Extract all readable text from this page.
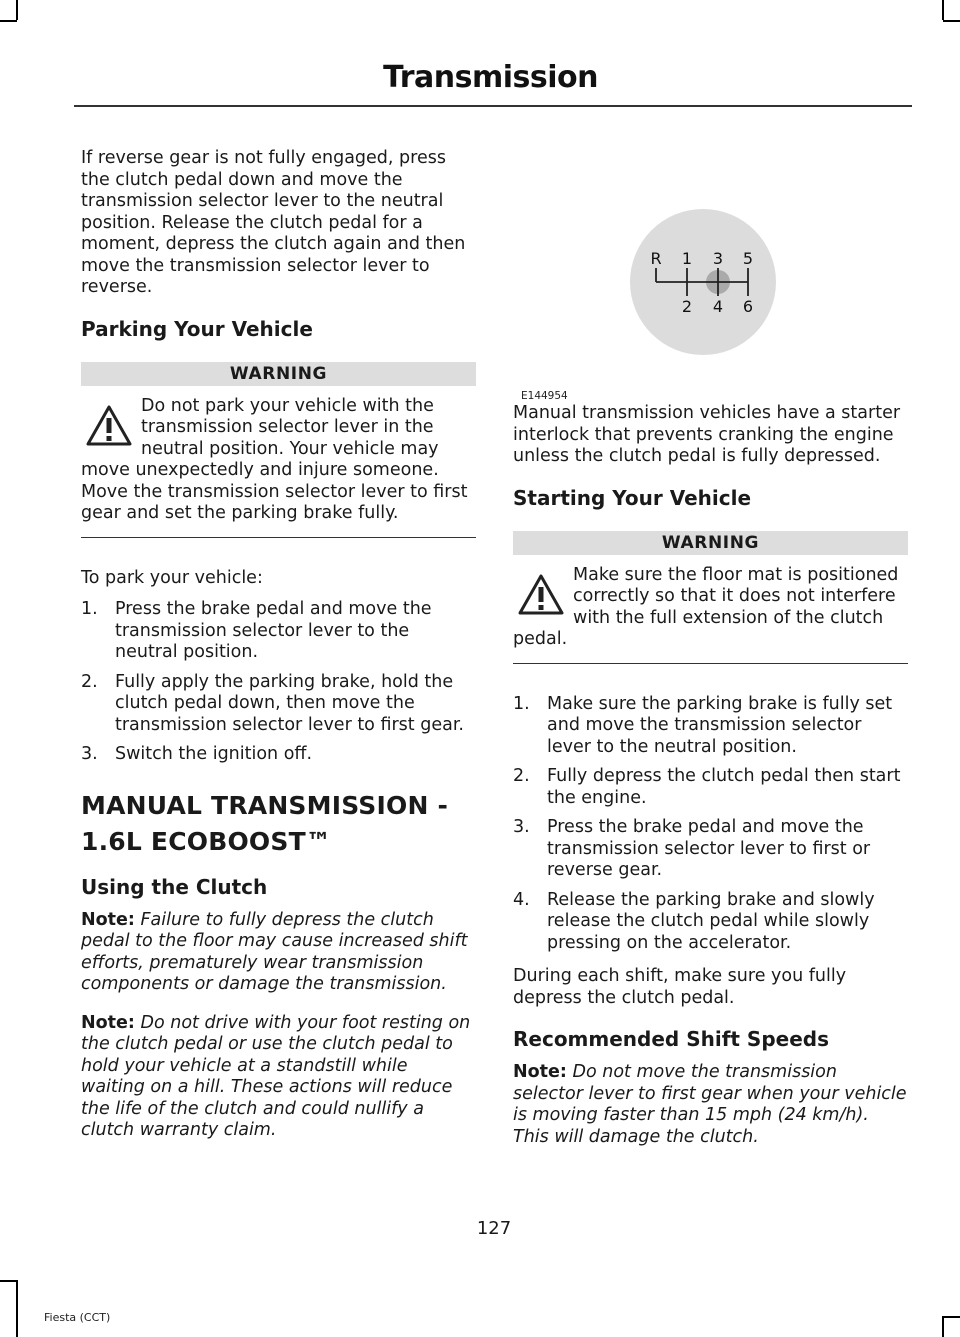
Transmission

If reverse gear is not fully engaged, press the clutch pedal down and move the transmission selector lever to the neutral position. Release the clutch pedal for a moment, depress the clutch again and then move the transmission selector lever to reverse.

Parking Your Vehicle
WARNING

Do not park your vehicle with the transmission selector lever in the neutral position. Your vehicle may move unexpectedly and injure someone. Move the transmission selector lever to first gear and set the parking brake fully.

To park your vehicle:

1. Press the brake pedal and move the transmission selector lever to the neutral position.
2. Fully apply the parking brake, hold the clutch pedal down, then move the transmission selector lever to first gear.
3. Switch the ignition off.
MANUAL TRANSMISSION -
1.6L ECOBOOST™
Using the Clutch

Note: Failure to fully depress the clutch pedal to the floor may cause increased shift efforts, prematurely wear transmission components or damage the transmission.

Note: Do not drive with your foot resting on the clutch pedal or use the clutch pedal to hold your vehicle at a standstill while waiting on a hill. These actions will reduce the life of the clutch and could nullify a clutch warranty claim.

R 1 3 5
2 4 6
E144954

Manual transmission vehicles have a starter interlock that prevents cranking the engine unless the clutch pedal is fully depressed.

Starting Your Vehicle
WARNING

Make sure the floor mat is positioned correctly so that it does not interfere with the full extension of the clutch pedal.

1. Make sure the parking brake is fully set and move the transmission selector lever to the neutral position.
2. Fully depress the clutch pedal then start the engine.
3. Press the brake pedal and move the transmission selector lever to first or reverse gear.
4. Release the parking brake and slowly release the clutch pedal while slowly pressing on the accelerator.

During each shift, make sure you fully depress the clutch pedal.

Recommended Shift Speeds

Note: Do not move the transmission selector lever to first gear when your vehicle is moving faster than 15 mph (24 km/h). This will damage the clutch.

127
Fiesta (CCT)
